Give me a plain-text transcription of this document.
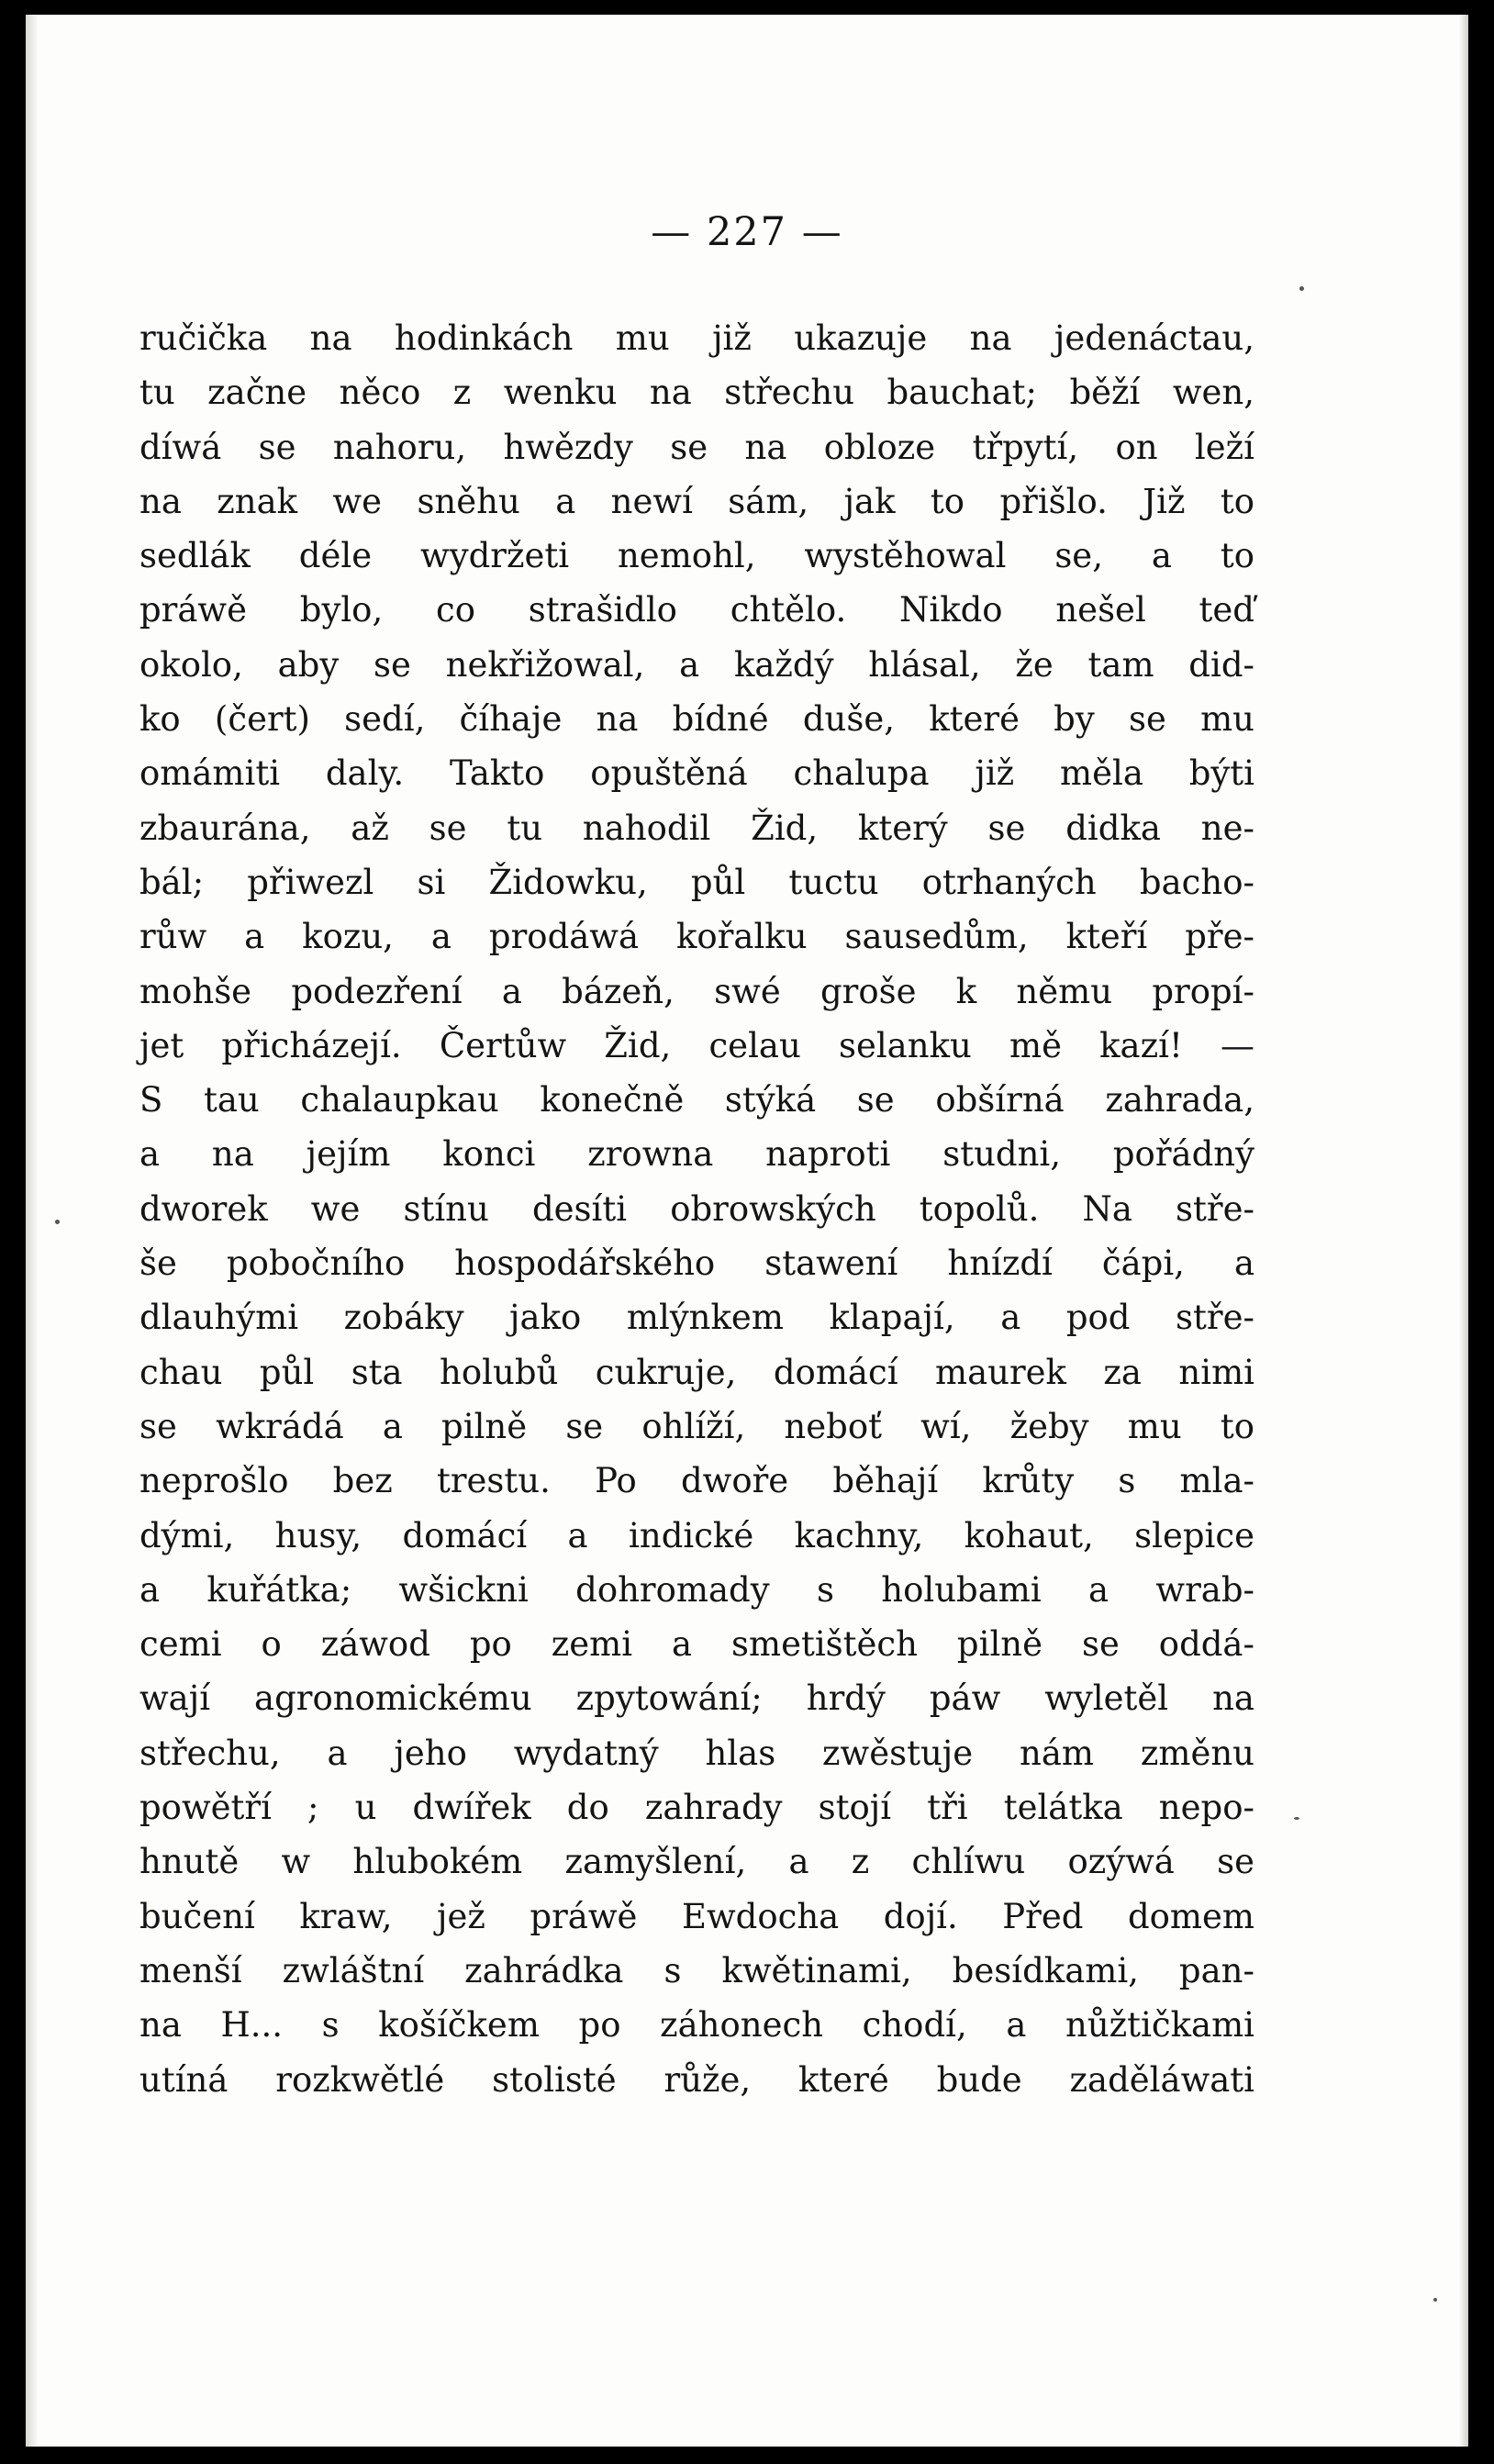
— 227 —
ručička na hodinkách mu již ukazuje na jedenáctau,
tu začne něco z wenku na střechu bauchat; běží wen,
díwá se nahoru, hwězdy se na obloze třpytí, on leží
na znak we sněhu a newí sám, jak to přišlo. Již to
sedlák déle wydržeti nemohl, wystěhowal se, a to
práwě bylo, co strašidlo chtělo. Nikdo nešel teď
okolo, aby se nekřižowal, a každý hlásal, že tam did-
ko (čert) sedí, číhaje na bídné duše, které by se mu
omámiti daly. Takto opuštěná chalupa již měla býti
zbaurána, až se tu nahodil Žid, který se didka ne-
bál; přiwezl si Židowku, půl tuctu otrhaných bacho-
růw a kozu, a prodáwá kořalku sausedům, kteří pře-
mohše podezření a bázeň, swé groše k němu propí-
jet přicházejí. Čertůw Žid, celau selanku mě kazí! —
S tau chalaupkau konečně stýká se obšírná zahrada,
a na jejím konci zrowna naproti studni, pořádný
dworek we stínu desíti obrowských topolů. Na stře-
še pobočního hospodářského stawení hnízdí čápi, a
dlauhými zobáky jako mlýnkem klapají, a pod stře-
chau půl sta holubů cukruje, domácí maurek za nimi
se wkrádá a pilně se ohlíží, neboť wí, žeby mu to
neprošlo bez trestu. Po dwoře běhají krůty s mla-
dými, husy, domácí a indické kachny, kohaut, slepice
a kuřátka; wšickni dohromady s holubami a wrab-
cemi o záwod po zemi a smetištěch pilně se oddá-
wají agronomickému zpytowání; hrdý páw wyletěl na
střechu, a jeho wydatný hlas zwěstuje nám změnu
powětří ; u dwířek do zahrady stojí tři telátka nepo-
hnutě w hlubokém zamyšlení, a z chlíwu ozýwá se
bučení kraw, jež práwě Ewdocha dojí. Před domem
menší zwláštní zahrádka s kwětinami, besídkami, pan-
na H... s košíčkem po záhonech chodí, a nůžtičkami
utíná rozkwětlé stolisté růže, které bude zaděláwati
